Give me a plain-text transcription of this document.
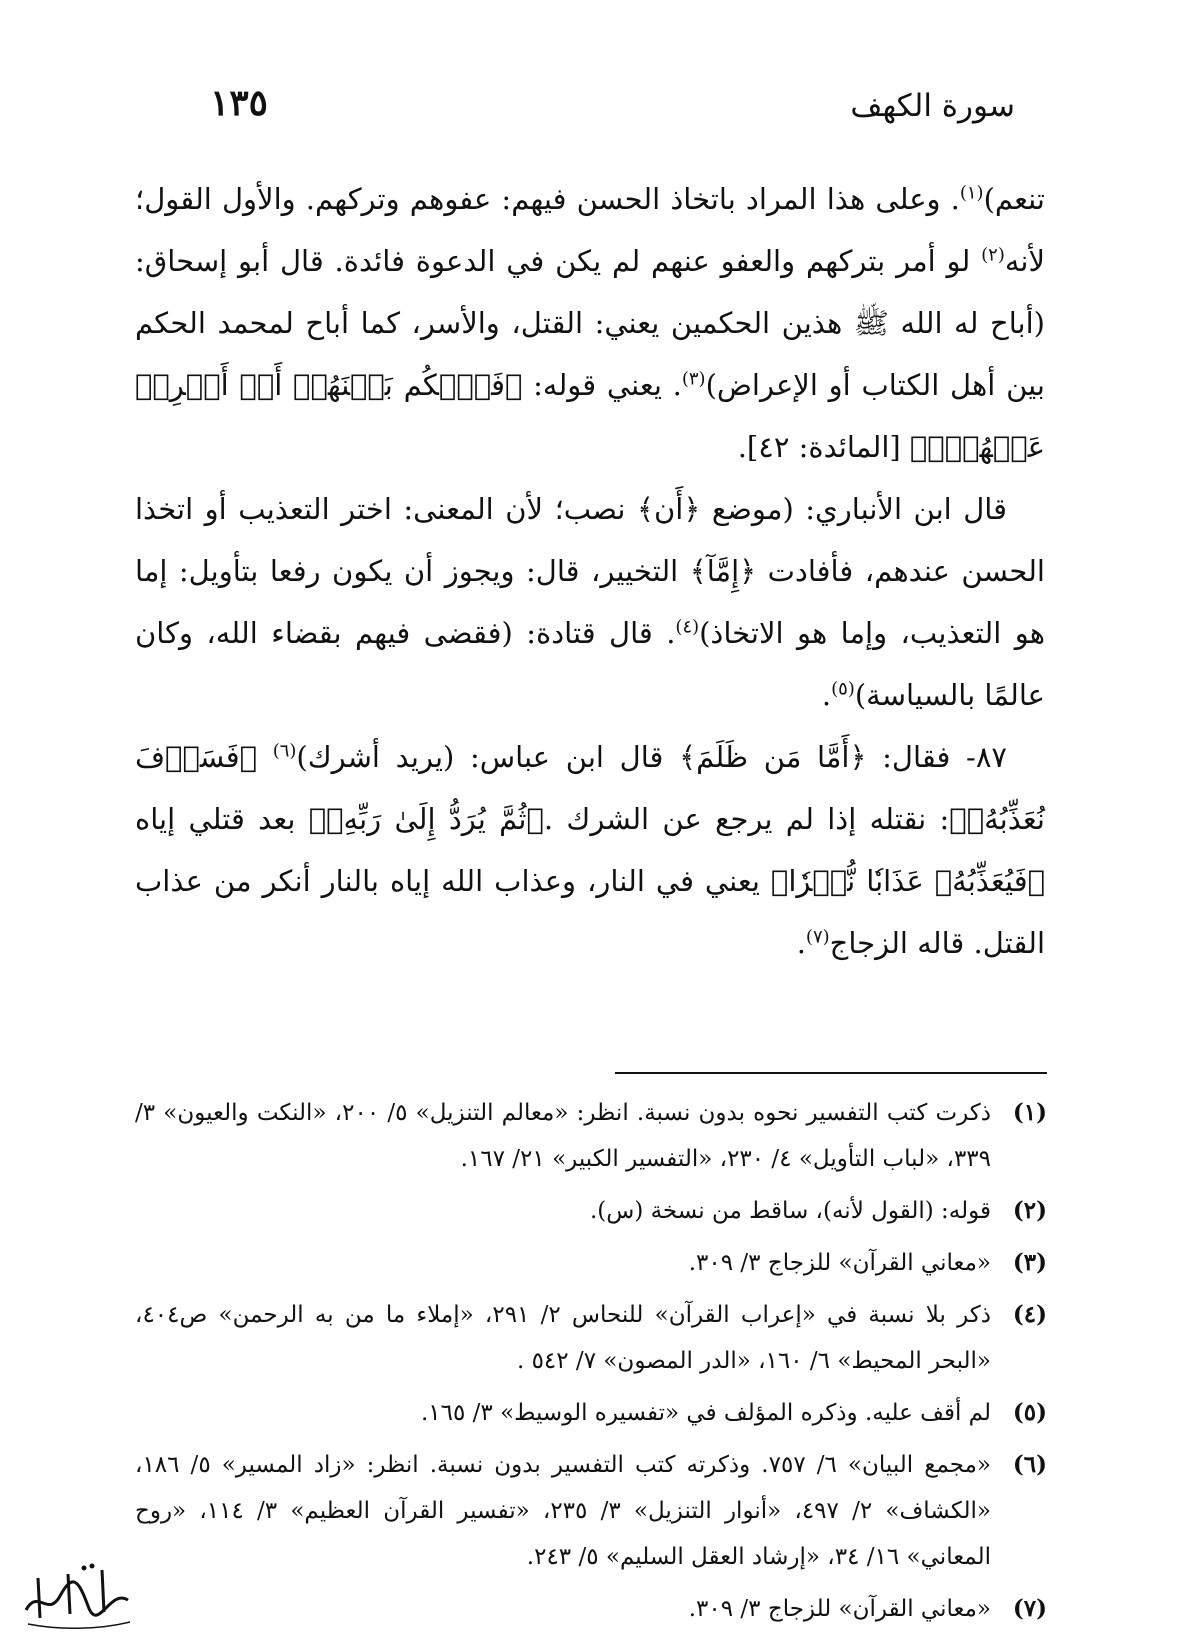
سورة الكهف
١٣٥

تنعم)$^{(١)}$. وعلى هذا المراد باتخاذ الحسن فيهم: عفوهم وتركهم. والأول القول؛ لأنه$^{(٢)}$ لو أمر بتركهم والعفو عنهم لم يكن في الدعوة فائدة. قال أبو إسحاق: (أباح له الله ﷺ هذين الحكمين يعني: القتل، والأسر، كما أباح لمحمد الحكم بين أهل الكتاب أو الإعراض)$^{(٣)}$. يعني قوله: ﴿فَٱحۡكُم بَيۡنَهُمۡ أَوۡ أَعۡرِضۡ عَنۡهُمۡۖ﴾ [المائدة: ٤٢].

قال ابن الأنباري: (موضع ﴿أَن﴾ نصب؛ لأن المعنى: اختر التعذيب أو اتخذا الحسن عندهم، فأفادت ﴿إِمَّآ﴾ التخيير، قال: ويجوز أن يكون رفعا بتأويل: إما هو التعذيب، وإما هو الاتخاذ)$^{(٤)}$. قال قتادة: (فقضى فيهم بقضاء الله، وكان عالمًا بالسياسة)$^{(٥)}$.

٨٧- فقال: ﴿أَمَّا مَن ظَلَمَ﴾ قال ابن عباس: (يريد أشرك)$^{(٦)}$ ﴿فَسَوۡفَ نُعَذِّبُهُۥ﴾: نقتله إذا لم يرجع عن الشرك .﴿ثُمَّ يُرَدُّ إِلَىٰ رَبِّهِۦ﴾ بعد قتلي إياه ﴿فَيُعَذِّبُهُۥ عَذَابٗا نُّكۡرٗا﴾ يعني في النار، وعذاب الله إياه بالنار أنكر من عذاب القتل. قاله الزجاج$^{(٧)}$.

(١)
ذكرت كتب التفسير نحوه بدون نسبة. انظر: «معالم التنزيل» ٥/ ٢٠٠، «النكت والعيون» ٣/ ٣٣٩، «لباب التأويل» ٤/ ٢٣٠، «التفسير الكبير» ٢١/ ١٦٧.
(٢)
قوله: (القول لأنه)، ساقط من نسخة (س).
(٣)
«معاني القرآن» للزجاج ٣/ ٣٠٩.
(٤)
ذكر بلا نسبة في «إعراب القرآن» للنحاس ٢/ ٢٩١، «إملاء ما من به الرحمن» ص٤٠٤، «البحر المحيط» ٦/ ١٦٠، «الدر المصون» ٧/ ٥٤٢ .
(٥)
لم أقف عليه. وذكره المؤلف في «تفسيره الوسيط» ٣/ ١٦٥.
(٦)
«مجمع البيان» ٦/ ٧٥٧. وذكرته كتب التفسير بدون نسبة. انظر: «زاد المسير» ٥/ ١٨٦، «الكشاف» ٢/ ٤٩٧، «أنوار التنزيل» ٣/ ٢٣٥، «تفسير القرآن العظيم» ٣/ ١١٤، «روح المعاني» ١٦/ ٣٤، «إرشاد العقل السليم» ٥/ ٢٤٣.
(٧)
«معاني القرآن» للزجاج ٣/ ٣٠٩.
